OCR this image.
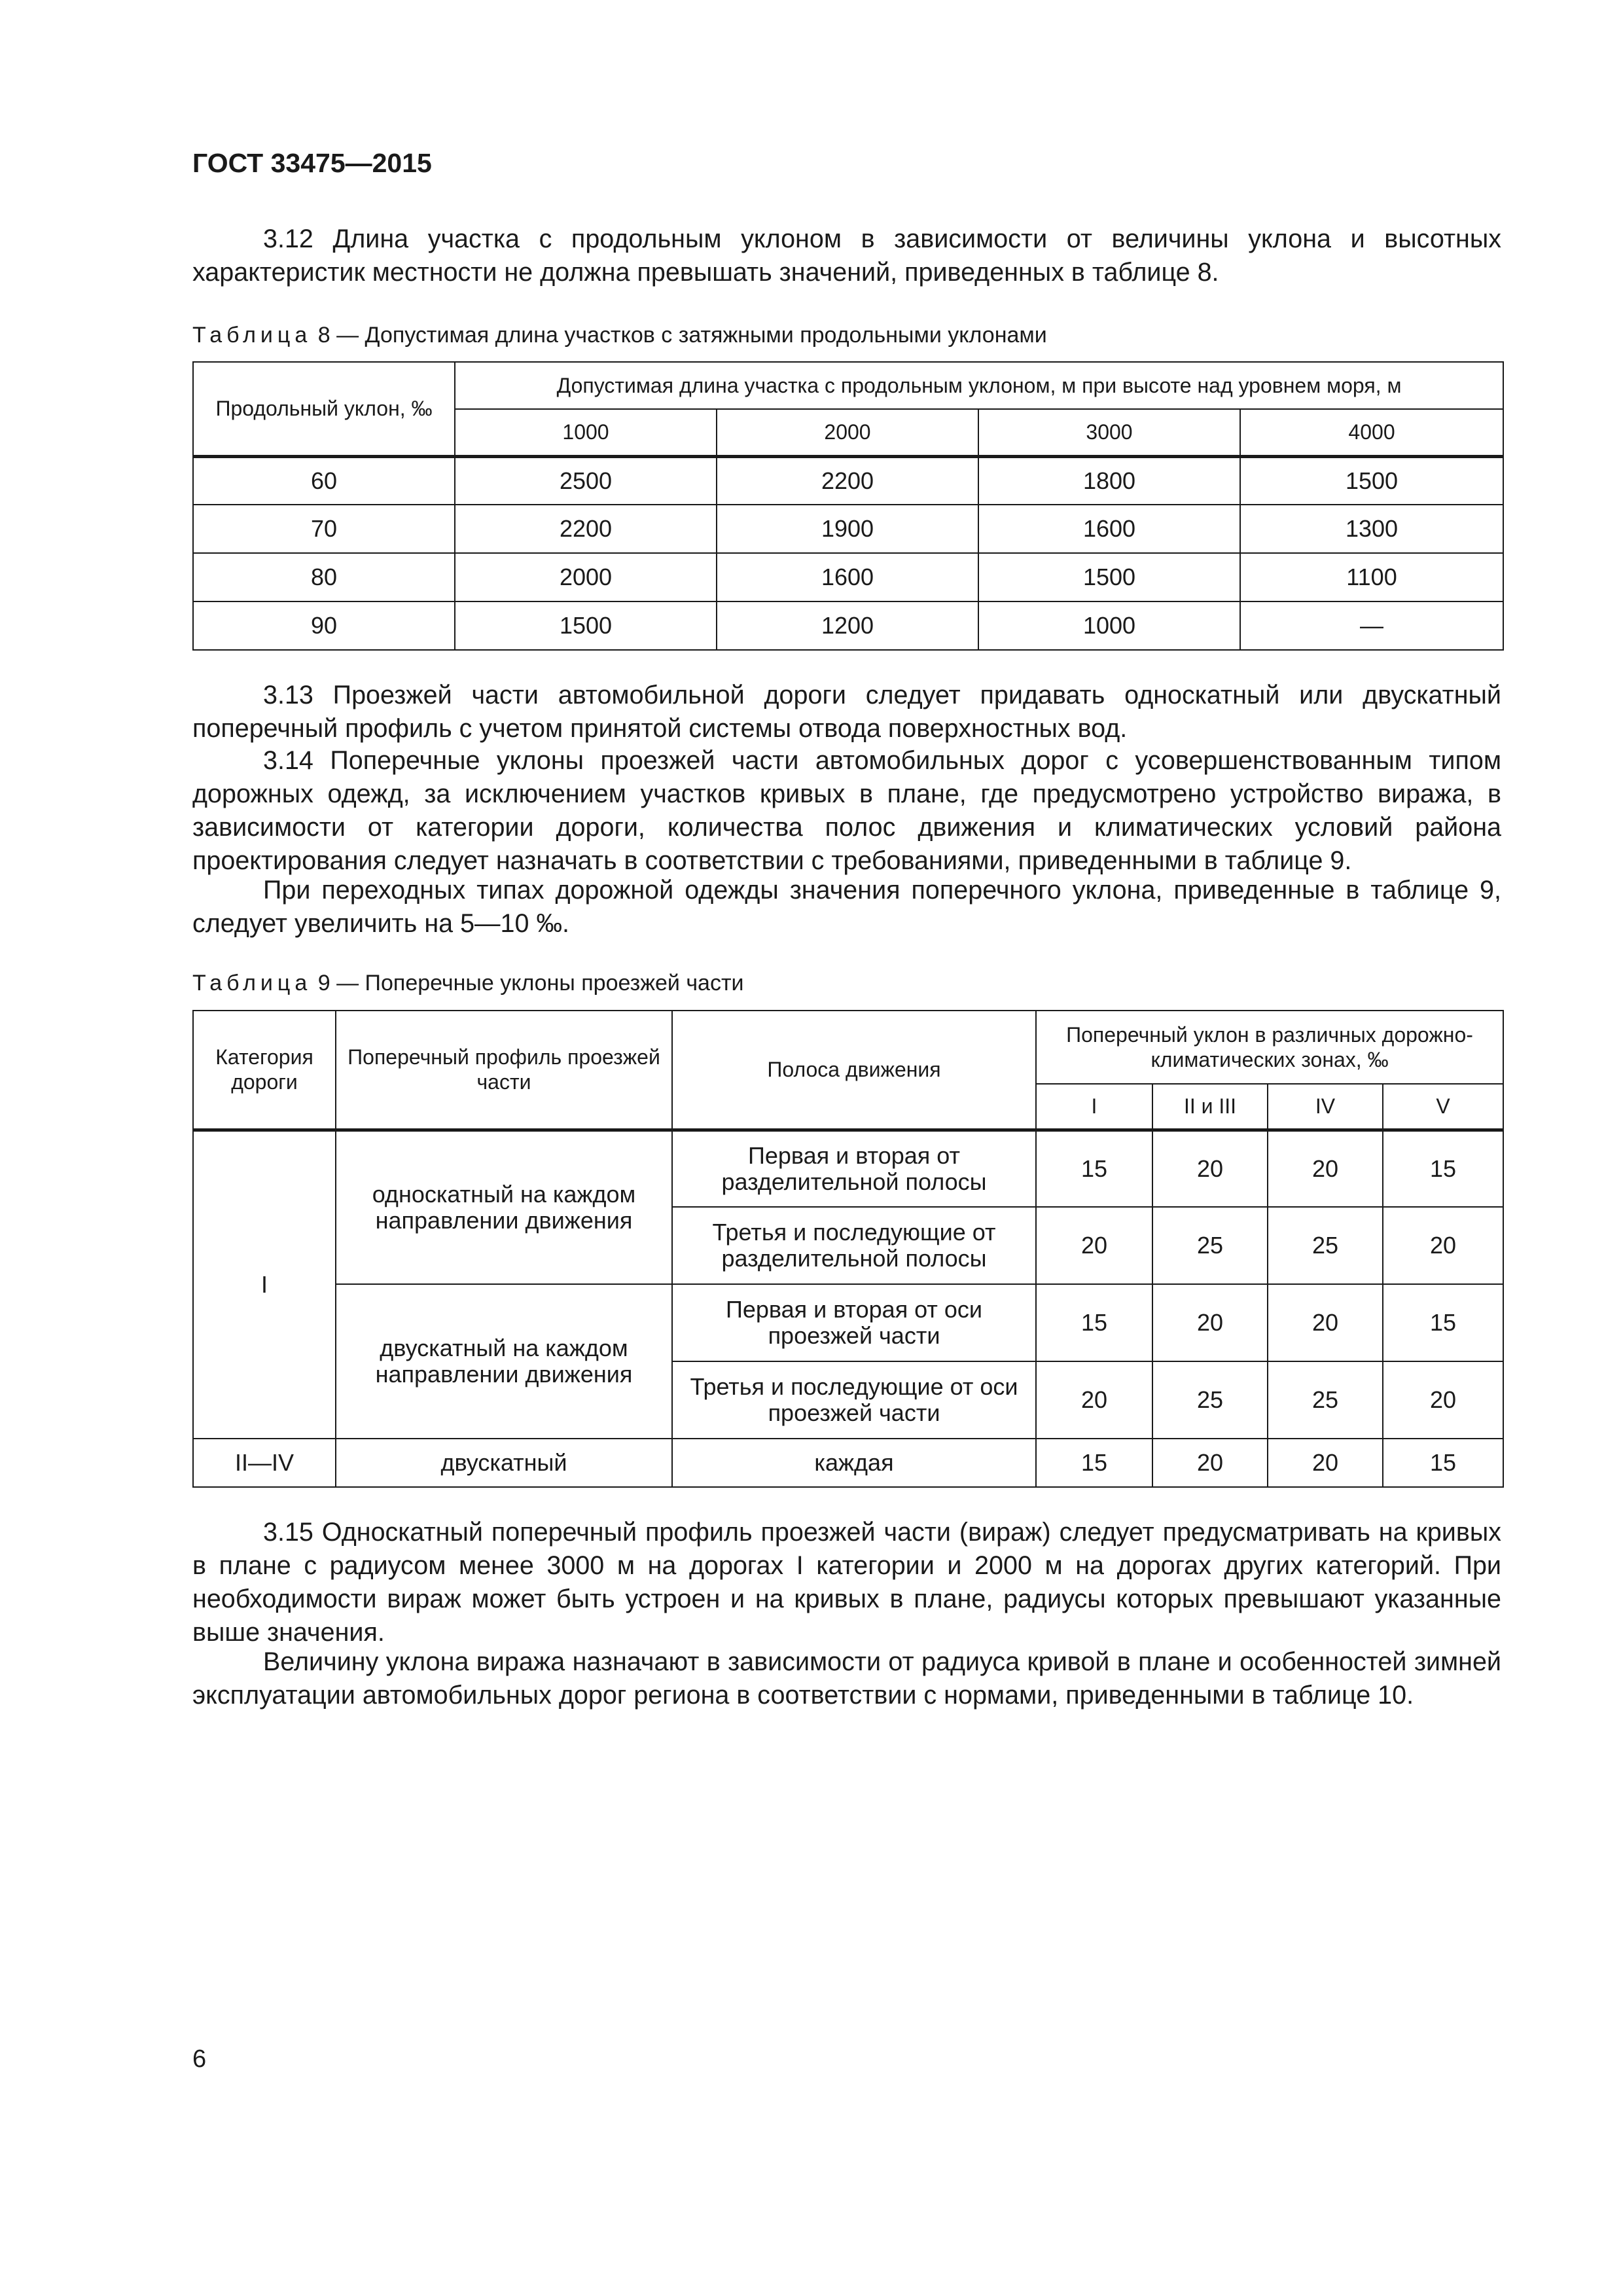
ГОСТ 33475—2015

3.12 Длина участка с продольным уклоном в зависимости от величины уклона и высотных характеристик местности не должна превышать значений, приведенных в таблице 8.

Таблица 8 — Допустимая длина участков с затяжными продольными уклонами

Продольный уклон, ‰	Допустимая длина участка с продольным уклоном, м при высоте над уровнем моря, м			
	1000	2000	3000	4000
60	2500	2200	1800	1500
70	2200	1900	1600	1300
80	2000	1600	1500	1100
90	1500	1200	1000	—

3.13 Проезжей части автомобильной дороги следует придавать односкатный или двускатный поперечный профиль с учетом принятой системы отвода поверхностных вод.

3.14 Поперечные уклоны проезжей части автомобильных дорог с усовершенствованным типом дорожных одежд, за исключением участков кривых в плане, где предусмотрено устройство виража, в зависимости от категории дороги, количества полос движения и климатических условий района проектирования следует назначать в соответствии с требованиями, приведенными в таблице 9.

При переходных типах дорожной одежды значения поперечного уклона, приведенные в таблице 9, следует увеличить на 5—10 ‰.

Таблица 9 — Поперечные уклоны проезжей части

Категория дороги	Поперечный профиль проезжей части	Полоса движения	Поперечный уклон в различных дорожно-климатических зонах, ‰			
			I	II и III	IV	V
I	односкатный на каждом направлении движения	Первая и вторая от разделительной полосы	15	20	20	15
		Третья и последующие от разделительной полосы	20	25	25	20
	двускатный на каждом направлении движения	Первая и вторая от оси проезжей части	15	20	20	15
		Третья и последующие от оси проезжей части	20	25	25	20
II—IV	двускатный	каждая	15	20	20	15

3.15 Односкатный поперечный профиль проезжей части (вираж) следует предусматривать на кривых в плане с радиусом менее 3000 м на дорогах I категории и 2000 м на дорогах других категорий. При необходимости вираж может быть устроен и на кривых в плане, радиусы которых превышают указанные выше значения.

Величину уклона виража назначают в зависимости от радиуса кривой в плане и особенностей зимней эксплуатации автомобильных дорог региона в соответствии с нормами, приведенными в таблице 10.

6
